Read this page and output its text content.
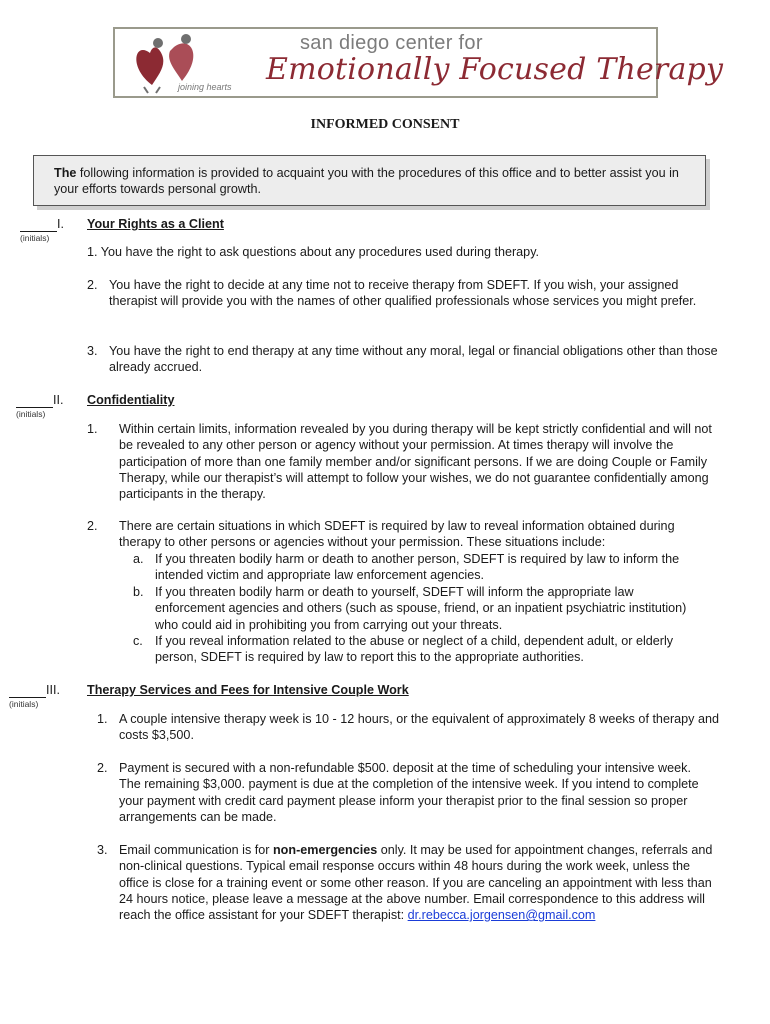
san diego center for
Emotionally Focused Therapy
joining hearts
INFORMED CONSENT
The following information is provided to acquaint you with the procedures of this office and to better assist you in your efforts towards personal growth.
I.
(initials)
Your Rights as a Client
1. You have the right to ask questions about any procedures used during therapy.
2. You have the right to decide at any time not to receive therapy from SDEFT. If you wish, your assigned therapist will provide you with the names of other qualified professionals whose services you might prefer.
3. You have the right to end therapy at any time without any moral, legal or financial obligations other than those already accrued.
II.
(initials)
Confidentiality
1. Within certain limits, information revealed by you during therapy will be kept strictly confidential and will not be revealed to any other person or agency without your permission. At times therapy will involve the participation of more than one family member and/or significant persons. If we are doing Couple or Family Therapy, while our therapist’s will attempt to follow your wishes, we do not guarantee confidentially among participants in the therapy.
2. There are certain situations in which SDEFT is required by law to reveal information obtained during therapy to other persons or agencies without your permission. These situations include:
a. If you threaten bodily harm or death to another person, SDEFT is required by law to inform the intended victim and appropriate law enforcement agencies.
b. If you threaten bodily harm or death to yourself, SDEFT will inform the appropriate law enforcement agencies and others (such as spouse, friend, or an inpatient psychiatric institution) who could aid in prohibiting you from carrying out your threats.
c. If you reveal information related to the abuse or neglect of a child, dependent adult, or elderly person, SDEFT is required by law to report this to the appropriate authorities.
III.
(initials)
Therapy Services and Fees for Intensive Couple Work
1. A couple intensive therapy week is 10 - 12 hours, or the equivalent of approximately 8 weeks of therapy and costs $3,500.
2. Payment is secured with a non-refundable $500. deposit at the time of scheduling your intensive week. The remaining $3,000. payment is due at the completion of the intensive week. If you intend to complete your payment with credit card payment please inform your therapist prior to the final session so proper arrangements can be made.
3. Email communication is for non-emergencies only. It may be used for appointment changes, referrals and non-clinical questions. Typical email response occurs within 48 hours during the work week, unless the office is close for a training event or some other reason. If you are canceling an appointment with less than 24 hours notice, please leave a message at the above number. Email correspondence to this address will reach the office assistant for your SDEFT therapist: dr.rebecca.jorgensen@gmail.com
